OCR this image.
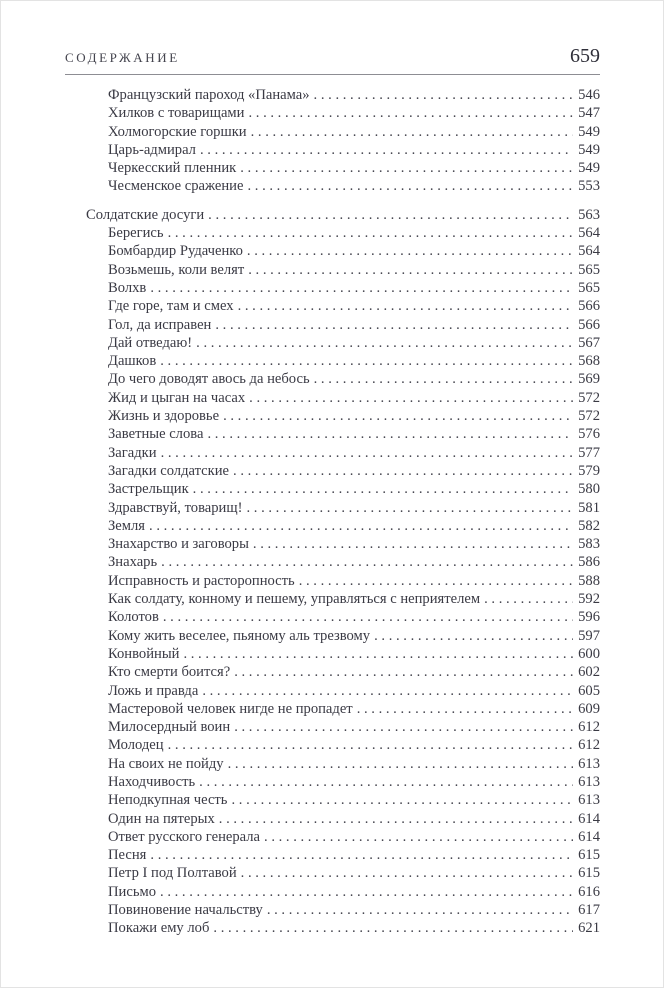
СОДЕРЖАНИЕ	659
Французский пароход «Панама» . . .	546
Хилков с товарищами . . .	547
Холмогорские горшки . . .	549
Царь-адмирал . . .	549
Черкесский пленник . . .	549
Чесменское сражение . . .	553
Солдатские досуги . . .	563
Берегись . . .	564
Бомбардир Рудаченко . . .	564
Возьмешь, коли велят . . .	565
Волхв . . .	565
Где горе, там и смех . . .	566
Гол, да исправен . . .	566
Дай отведаю! . . .	567
Дашков . . .	568
До чего доводят авось да небось . . .	569
Жид и цыган на часах . . .	572
Жизнь и здоровье . . .	572
Заветные слова . . .	576
Загадки . . .	577
Загадки солдатские . . .	579
Застрельщик . . .	580
Здравствуй, товарищ! . . .	581
Земля . . .	582
Знахарство и заговоры . . .	583
Знахарь . . .	586
Исправность и расторопность . . .	588
Как солдату, конному и пешему, управляться с неприятелем . . .	592
Колотов . . .	596
Кому жить веселее, пьяному аль трезвому . . .	597
Конвойный . . .	600
Кто смерти боится? . . .	602
Ложь и правда . . .	605
Мастеровой человек нигде не пропадет . . .	609
Милосердный воин . . .	612
Молодец . . .	612
На своих не пойду . . .	613
Находчивость . . .	613
Неподкупная честь . . .	613
Один на пятерых . . .	614
Ответ русского генерала . . .	614
Песня . . .	615
Петр I под Полтавой . . .	615
Письмо . . .	616
Повиновение начальству . . .	617
Покажи ему лоб . . .	621
